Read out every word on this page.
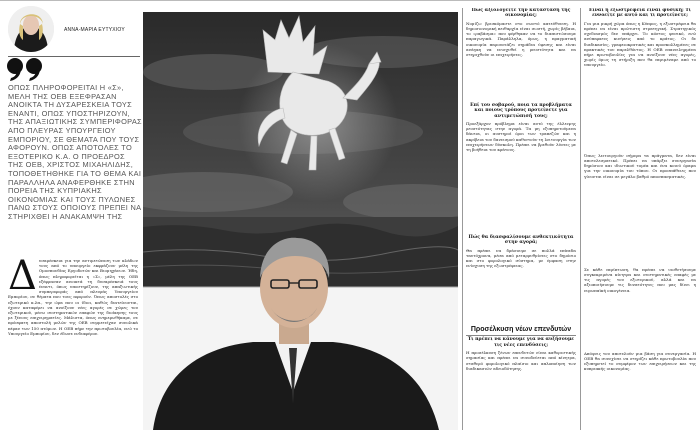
ΑΝΝΑ-ΜΑΡΙΑ ΕΥΤΥΧΙΟΥ
ΟΠΩΣ ΠΛΗΡΟΦΟΡΕΙΤΑΙ Η «Σ», ΜΕΛΗ ΤΗΣ ΟΕΒ ΕΞΕΦΡΑΣΑΝ ΑΝΟΙΚΤΑ ΤΗ ΔΥΣΑΡΕΣΚΕΙΑ ΤΟΥΣ ΕΝΑΝΤΙ, ΟΠΩΣ ΥΠΟΣΤΗΡΙΖΟΥΝ, ΤΗΣ ΑΠΑΞΙΩΤΙΚΗΣ ΣΥΜΠΕΡΙΦΟΡΑΣ ΑΠΟ ΠΛΕΥΡΑΣ ΥΠΟΥΡΓΕΙΟΥ ΕΜΠΟΡΙΟΥ, ΣΕ ΘΕΜΑΤΑ ΠΟΥ ΤΟΥΣ ΑΦΟΡΟΥΝ. ΟΠΩΣ ΑΠΟΤΟΛΕΣ ΤΟ ΕΞΟΤΕΡΙΚΟ Κ.Α. Ο ΠΡΟΕΔΡΟΣ ΤΗΣ ΟΕΒ, ΧΡΙΣΤΟΣ ΜΙΧΑΗΛΙΔΗΣ, ΤΟΠΟΘΕΤΗΘΗΚΕ ΓΙΑ ΤΟ ΘΕΜΑ ΚΑΙ ΠΑΡΑΛΛΗΛΑ ΑΝΑΦΕΡΘΗΚΕ ΣΤΗΝ ΠΟΡΕΙΑ ΤΗΣ ΚΥΠΡΙΑΚΗΣ ΟΙΚΟΝΟΜΙΑΣ ΚΑΙ ΤΟΥΣ ΠΥΛΩΝΕΣ ΠΑΝΩ ΣΤΟΥΣ ΟΠΟΙΟΥΣ ΠΡΕΠΕΙ ΝΑ ΣΤΗΡΙΧΘΕΙ Η ΑΝΑΚΑΜΨΗ ΤΗΣ
Δ υσαρέσκεια για την αντιμετώπιση των κλάδων τους από το υπουργείο εκφράζουν μέλη της Ομοσπονδίας Εργοδοτών και Βιομηχάνων. Ήδη, όπως πληροφορείται η «Σ», μέλη της ΟΕΒ εξέφρασαν ανοικτά τη δυσαρέσκειά τους έναντι, όπως υποστηρίζουν, της απαξιωτικής συμπεριφοράς από πλευράς Υπουργείου Εμπορίου, σε θέματα που τους αφορούν. Όπως αποστολές στο εξωτερικό κ.λπ., την ώρα που οι ίδιοι, καθώς διατείνονται, έχουν καταφέρει να ανοίξουν νέες αγορές σε χώρες του εξωτερικού, μέσω συστηματικών επαφών της διοίκησης τους με ξένους επιχειρηματίες. Μάλιστα, όπως ενημερωθήκαμε, σε πρόσφατη αποστολή μελών της ΟΕΒ συμμετείχαν συνολικά πέραν των 150 ατόμων. Η ΟΕΒ πήρε την πρωτοβουλία, ενώ το Υπουργείο Εμπορίου, δεν έδωσε ενδιαφέρον.
Πώς αξιολογείτε την κατάσταση της οικονομίας;
Νομίζω βρισκόμαστε στο σωστό κατεύθυνση. Η δημοσιονομική πειθαρχία είναι σωστή, χωρίς βέβαια, το «ραβάσμα» που φέρθηκαν να το διαπιστώσουμε παραγωγικά. Παράλληλα, όμως, η πραγματική οικονομία παρουσιάζει σημάδια ύφεσης και είναι ανάγκη να ενισχυθεί η ρευστότητα και να στηριχθούν οι επιχειρήσεις.
Επί του σοβαρού, ποια τα προβλήματα και ποιους τρόπους προτείνετε για αντιμετώπισή τους;
Προεξάρχον πρόβλημα είναι αυτό της έλλειψης ρευστότητας στην αγορά. Τα μη εξυπηρετούμενα δάνεια, οι αυστηροί όροι των τραπεζών και η ακρίβεια του δανεισμού καθιστούν τη λειτουργία των επιχειρήσεων δύσκολη. Πρέπει να βρεθούν λύσεις με τη βοήθεια του κράτους.
Πώς θα διασφαλίσουμε ανθεκτικότητα στην αγορά;
Θα πρέπει να δράσουμε σε πολλά επίπεδα ταυτόχρονα, μέσα από μεταρρυθμίσεις στο δημόσιο και στο φορολογικό σύστημα, με έμφαση στην ενίσχυση της εξωστρέφειας.
Προσέλκυση νέων επενδυτών
Τι πρέπει να κάνουμε για να αυξήσουμε τις νέες επενδύσεις;
Η προσέλκυση ξένων επενδυτών είναι καθοριστικής σημασίας και πρέπει να συνοδεύεται από κίνητρα, σταθερό φορολογικό πλαίσιο και απλοποίηση των διαδικασιών αδειοδότησης.
Είναι η εξωστρέφεια είναι φυσική; Τι εννοείτε με αυτό και τι προτείνετε;
Για μια μικρή χώρα όπως η Κύπρος, η εξωστρέφεια θα πρέπει να είναι πρώτιστη στρατηγική. Στρατηγικός σχεδιασμός δεν υπάρχει. Το κόστος φυσικό, ενώ ανύπαρκτες κινήσεις από το κράτος. Οι δε διαδικασίες, γραφειοκρατικές και προσκολλημένες σε πρακτικές του παρελθόντος. Η ΟΕΒ επανειλημμένα πήρε πρωτοβουλίες για να ανοίξουν νέες αγορές, χωρίς όμως τη στήριξη που θα περιμέναμε από το υπουργείο.
Όπως λειτουργούν σήμερα τα πράγματα, δεν είναι αποτελεσματικό. Πρέπει να υπάρξει συνεργασία δημόσιου και ιδιωτικού τομέα και ένα κοινό όραμα για την οικονομία του τόπου. Οι προσπάθειες που γίνονται είναι σε μεγάλο βαθμό αποσπασματικές.
Σε κάθε περίπτωση, θα πρέπει να υιοθετήσουμε συγκεκριμένα κίνητρα και συστηματικές επαφές με τις αγορές του εξωτερικού, αλλά και να αξιοποιήσουμε τις δυνατότητες που μας δίνει η ευρωπαϊκή οικογένεια.
Απόψεις του αποτελούν μια βάση για συνεργασία. Η ΟΕΒ θα συνεχίσει να στηρίζει κάθε πρωτοβουλία που εξυπηρετεί το συμφέρον των επιχειρήσεων και της κυπριακής οικονομίας.
